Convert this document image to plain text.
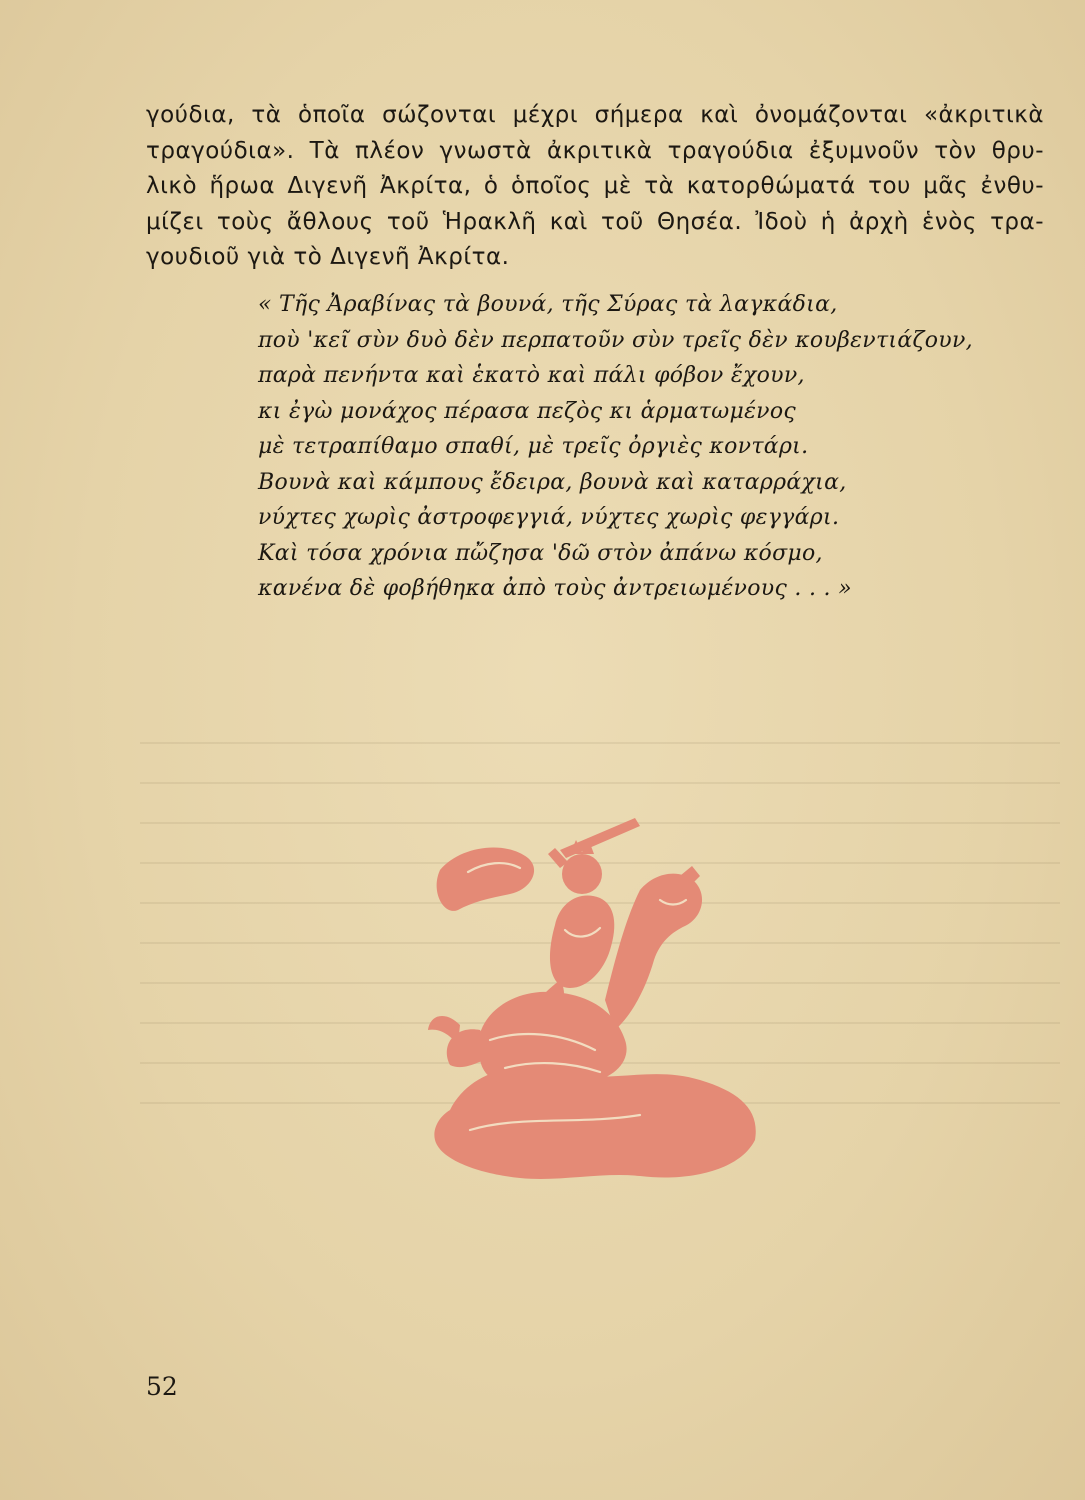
γούδια, τὰ ὁποῖα σώζονται μέχρι σήμερα καὶ ὀνομάζονται «ἀκριτικὰ
τραγούδια». Τὰ πλέον γνωστὰ ἀκριτικὰ τραγούδια ἐξυμνοῦν τὸν θρυ-
λικὸ ἥρωα Διγενῆ Ἀκρίτα, ὁ ὁποῖος μὲ τὰ κατορθώματά του μᾶς ἐνθυ-
μίζει τοὺς ἄθλους τοῦ Ἡρακλῆ καὶ τοῦ Θησέα. Ἰδοὺ ἡ ἀρχὴ ἑνὸς τρα-
γουδιοῦ γιὰ τὸ Διγενῆ Ἀκρίτα.
« Τῆς Ἀραβίνας τὰ βουνά, τῆς Σύρας τὰ λαγκάδια,
ποὺ 'κεῖ σὺν δυὸ δὲν περπατοῦν σὺν τρεῖς δὲν κουβεντιάζουν,
παρὰ πενήντα καὶ ἑκατὸ καὶ πάλι φόβον ἔχουν,
κι ἐγὼ μονάχος πέρασα πεζὸς κι ἁρματωμένος
μὲ τετραπίθαμο σπαθί, μὲ τρεῖς ὀργιὲς κοντάρι.
Βουνὰ καὶ κάμπους ἔδειρα, βουνὰ καὶ καταρράχια,
νύχτες χωρὶς ἀστροφεγγιά, νύχτες χωρὶς φεγγάρι.
Καὶ τόσα χρόνια πὤζησα 'δῶ στὸν ἀπάνω κόσμο,
κανένα δὲ φοβήθηκα ἀπὸ τοὺς ἀντρειωμένους . . . »
52
